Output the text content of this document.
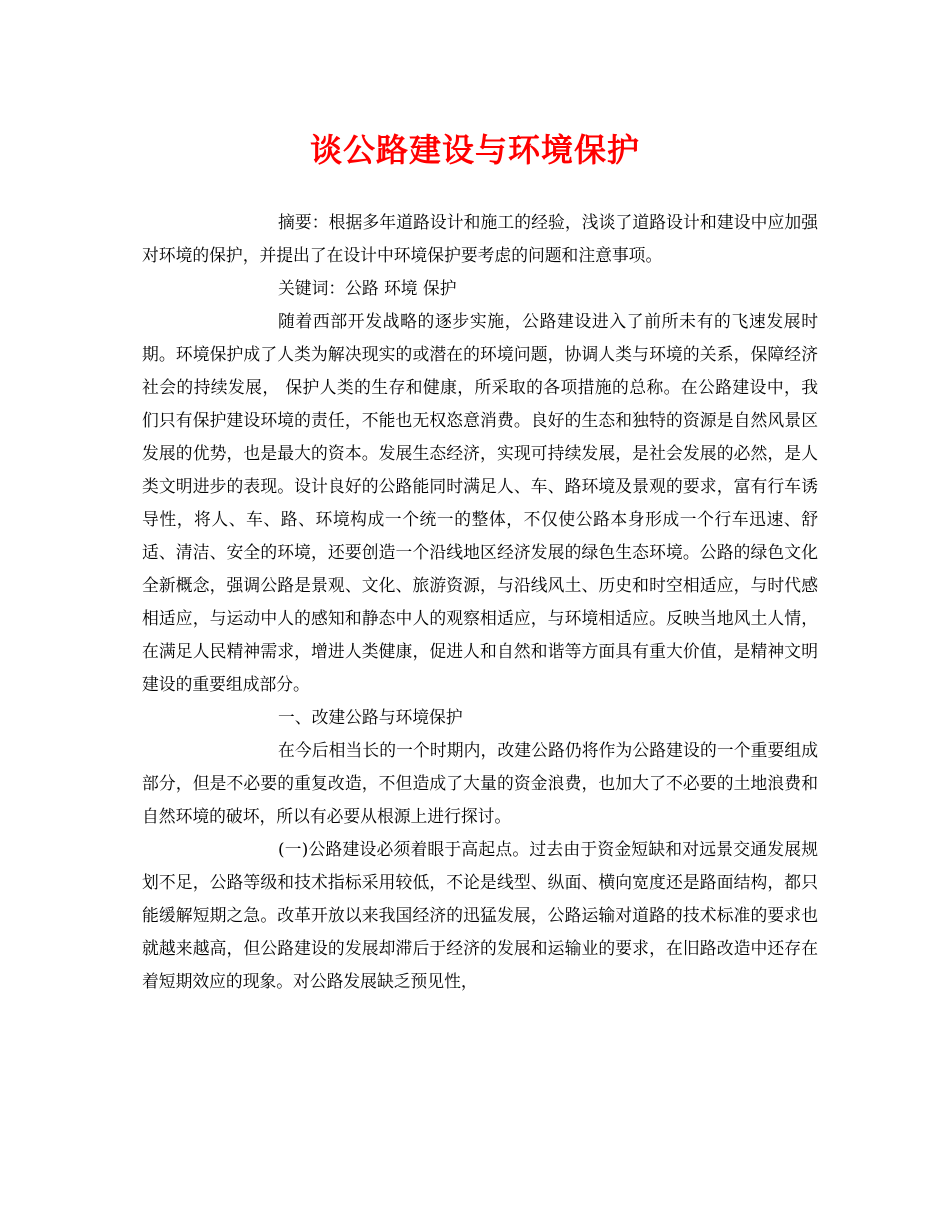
谈公路建设与环境保护

摘要：根据多年道路设计和施工的经验，浅谈了道路设计和建设中应加强对环境的保护，并提出了在设计中环境保护要考虑的问题和注意事项。

关键词：公路 环境 保护

随着西部开发战略的逐步实施，公路建设进入了前所未有的飞速发展时期。环境保护成了人类为解决现实的或潜在的环境问题，协调人类与环境的关系，保障经济社会的持续发展， 保护人类的生存和健康，所采取的各项措施的总称。在公路建设中，我们只有保护建设环境的责任，不能也无权恣意消费。良好的生态和独特的资源是自然风景区发展的优势，也是最大的资本。发展生态经济，实现可持续发展，是社会发展的必然，是人类文明进步的表现。设计良好的公路能同时满足人、车、路环境及景观的要求，富有行车诱导性，将人、车、路、环境构成一个统一的整体，不仅使公路本身形成一个行车迅速、舒适、清洁、安全的环境，还要创造一个沿线地区经济发展的绿色生态环境。公路的绿色文化全新概念，强调公路是景观、文化、旅游资源，与沿线风土、历史和时空相适应，与时代感相适应，与运动中人的感知和静态中人的观察相适应，与环境相适应。反映当地风土人情，在满足人民精神需求，增进人类健康，促进人和自然和谐等方面具有重大价值，是精神文明建设的重要组成部分。

一、改建公路与环境保护

在今后相当长的一个时期内，改建公路仍将作为公路建设的一个重要组成部分，但是不必要的重复改造，不但造成了大量的资金浪费，也加大了不必要的土地浪费和自然环境的破坏，所以有必要从根源上进行探讨。

(一)公路建设必须着眼于高起点。过去由于资金短缺和对远景交通发展规划不足，公路等级和技术指标采用较低，不论是线型、纵面、横向宽度还是路面结构，都只能缓解短期之急。改革开放以来我国经济的迅猛发展，公路运输对道路的技术标准的要求也就越来越高，但公路建设的发展却滞后于经济的发展和运输业的要求，在旧路改造中还存在着短期效应的现象。对公路发展缺乏预见性，
